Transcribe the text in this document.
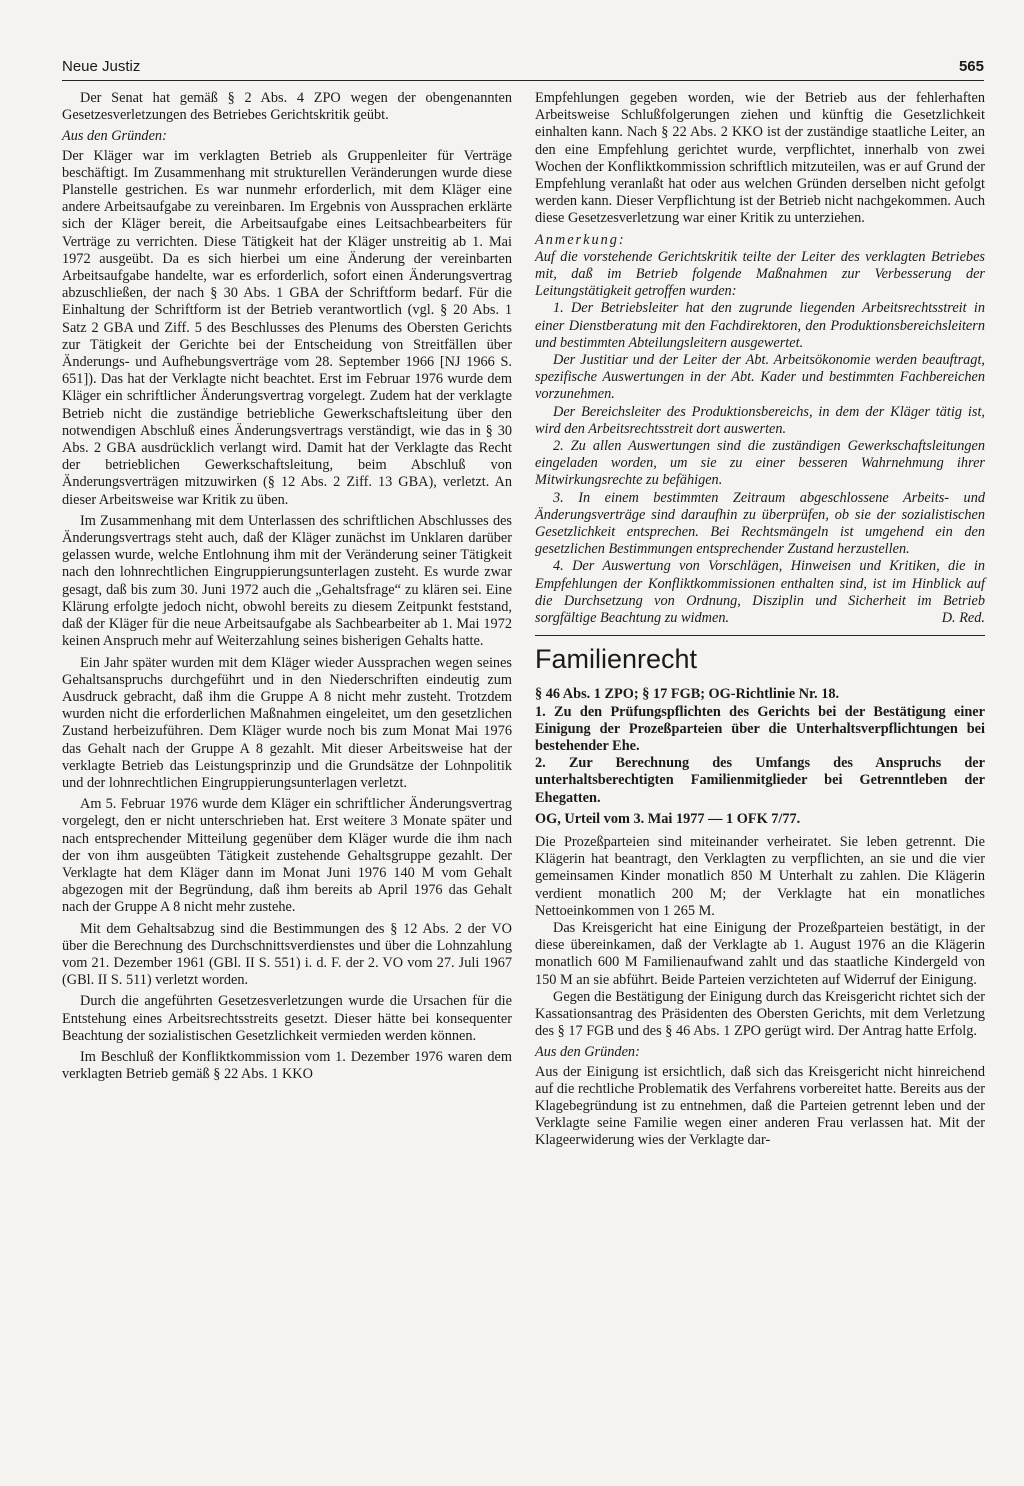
Neue Justiz	565

Der Senat hat gemäß § 2 Abs. 4 ZPO wegen der obengenannten Gesetzesverletzungen des Betriebes Gerichtskritik geübt.

Aus den Gründen:

Der Kläger war im verklagten Betrieb als Gruppenleiter für Verträge beschäftigt. Im Zusammenhang mit strukturellen Veränderungen wurde diese Planstelle gestrichen. Es war nunmehr erforderlich, mit dem Kläger eine andere Arbeitsaufgabe zu vereinbaren. Im Ergebnis von Aussprachen erklärte sich der Kläger bereit, die Arbeitsaufgabe eines Leitsachbearbeiters für Verträge zu verrichten. Diese Tätigkeit hat der Kläger unstreitig ab 1. Mai 1972 ausgeübt. Da es sich hierbei um eine Änderung der vereinbarten Arbeitsaufgabe handelte, war es erforderlich, sofort einen Änderungsvertrag abzuschließen, der nach § 30 Abs. 1 GBA der Schriftform bedarf. Für die Einhaltung der Schriftform ist der Betrieb verantwortlich (vgl. § 20 Abs. 1 Satz 2 GBA und Ziff. 5 des Beschlusses des Plenums des Obersten Gerichts zur Tätigkeit der Gerichte bei der Entscheidung von Streitfällen über Änderungs- und Aufhebungsverträge vom 28. September 1966 [NJ 1966 S. 651]). Das hat der Verklagte nicht beachtet. Erst im Februar 1976 wurde dem Kläger ein schriftlicher Änderungsvertrag vorgelegt. Zudem hat der verklagte Betrieb nicht die zuständige betriebliche Gewerkschaftsleitung über den notwendigen Abschluß eines Änderungsvertrags verständigt, wie das in § 30 Abs. 2 GBA ausdrücklich verlangt wird. Damit hat der Verklagte das Recht der betrieblichen Gewerkschaftsleitung, beim Abschluß von Änderungsverträgen mitzuwirken (§ 12 Abs. 2 Ziff. 13 GBA), verletzt. An dieser Arbeitsweise war Kritik zu üben.

Im Zusammenhang mit dem Unterlassen des schriftlichen Abschlusses des Änderungsvertrags steht auch, daß der Kläger zunächst im Unklaren darüber gelassen wurde, welche Entlohnung ihm mit der Veränderung seiner Tätigkeit nach den lohnrechtlichen Eingruppierungsunterlagen zusteht. Es wurde zwar gesagt, daß bis zum 30. Juni 1972 auch die „Gehaltsfrage“ zu klären sei. Eine Klärung erfolgte jedoch nicht, obwohl bereits zu diesem Zeitpunkt feststand, daß der Kläger für die neue Arbeitsaufgabe als Sachbearbeiter ab 1. Mai 1972 keinen Anspruch mehr auf Weiterzahlung seines bisherigen Gehalts hatte.

Ein Jahr später wurden mit dem Kläger wieder Aussprachen wegen seines Gehaltsanspruchs durchgeführt und in den Niederschriften eindeutig zum Ausdruck gebracht, daß ihm die Gruppe A 8 nicht mehr zusteht. Trotzdem wurden nicht die erforderlichen Maßnahmen eingeleitet, um den gesetzlichen Zustand herbeizuführen. Dem Kläger wurde noch bis zum Monat Mai 1976 das Gehalt nach der Gruppe A 8 gezahlt. Mit dieser Arbeitsweise hat der verklagte Betrieb das Leistungsprinzip und die Grundsätze der Lohnpolitik und der lohnrechtlichen Eingruppierungsunterlagen verletzt.

Am 5. Februar 1976 wurde dem Kläger ein schriftlicher Änderungsvertrag vorgelegt, den er nicht unterschrieben hat. Erst weitere 3 Monate später und nach entsprechender Mitteilung gegenüber dem Kläger wurde die ihm nach der von ihm ausgeübten Tätigkeit zustehende Gehaltsgruppe gezahlt. Der Verklagte hat dem Kläger dann im Monat Juni 1976 140 M vom Gehalt abgezogen mit der Begründung, daß ihm bereits ab April 1976 das Gehalt nach der Gruppe A 8 nicht mehr zustehe.

Mit dem Gehaltsabzug sind die Bestimmungen des § 12 Abs. 2 der VO über die Berechnung des Durchschnittsverdienstes und über die Lohnzahlung vom 21. Dezember 1961 (GBl. II S. 551) i. d. F. der 2. VO vom 27. Juli 1967 (GBl. II S. 511) verletzt worden.

Durch die angeführten Gesetzesverletzungen wurde die Ursachen für die Entstehung eines Arbeitsrechtsstreits gesetzt. Dieser hätte bei konsequenter Beachtung der sozialistischen Gesetzlichkeit vermieden werden können.

Im Beschluß der Konfliktkommission vom 1. Dezember 1976 waren dem verklagten Betrieb gemäß § 22 Abs. 1 KKO

Empfehlungen gegeben worden, wie der Betrieb aus der fehlerhaften Arbeitsweise Schlußfolgerungen ziehen und künftig die Gesetzlichkeit einhalten kann. Nach § 22 Abs. 2 KKO ist der zuständige staatliche Leiter, an den eine Empfehlung gerichtet wurde, verpflichtet, innerhalb von zwei Wochen der Konfliktkommission schriftlich mitzuteilen, was er auf Grund der Empfehlung veranlaßt hat oder aus welchen Gründen derselben nicht gefolgt werden kann. Dieser Verpflichtung ist der Betrieb nicht nachgekommen. Auch diese Gesetzesverletzung war einer Kritik zu unterziehen.

Anmerkung:

Auf die vorstehende Gerichtskritik teilte der Leiter des verklagten Betriebes mit, daß im Betrieb folgende Maßnahmen zur Verbesserung der Leitungstätigkeit getroffen wurden:

1. Der Betriebsleiter hat den zugrunde liegenden Arbeitsrechtsstreit in einer Dienstberatung mit den Fachdirektoren, den Produktionsbereichsleitern und bestimmten Abteilungsleitern ausgewertet.

Der Justitiar und der Leiter der Abt. Arbeitsökonomie werden beauftragt, spezifische Auswertungen in der Abt. Kader und bestimmten Fachbereichen vorzunehmen.

Der Bereichsleiter des Produktionsbereichs, in dem der Kläger tätig ist, wird den Arbeitsrechtsstreit dort auswerten.

2. Zu allen Auswertungen sind die zuständigen Gewerkschaftsleitungen eingeladen worden, um sie zu einer besseren Wahrnehmung ihrer Mitwirkungsrechte zu befähigen.

3. In einem bestimmten Zeitraum abgeschlossene Arbeits- und Änderungsverträge sind daraufhin zu überprüfen, ob sie der sozialistischen Gesetzlichkeit entsprechen. Bei Rechtsmängeln ist umgehend ein den gesetzlichen Bestimmungen entsprechender Zustand herzustellen.

4. Der Auswertung von Vorschlägen, Hinweisen und Kritiken, die in Empfehlungen der Konfliktkommissionen enthalten sind, ist im Hinblick auf die Durchsetzung von Ordnung, Disziplin und Sicherheit im Betrieb sorgfältige Beachtung zu widmen.	D. Red.

Familienrecht

§ 46 Abs. 1 ZPO; § 17 FGB; OG-Richtlinie Nr. 18.

1. Zu den Prüfungspflichten des Gerichts bei der Bestätigung einer Einigung der Prozeßparteien über die Unterhaltsverpflichtungen bei bestehender Ehe.

2. Zur Berechnung des Umfangs des Anspruchs der unterhaltsberechtigten Familienmitglieder bei Getrenntleben der Ehegatten.

OG, Urteil vom 3. Mai 1977 — 1 OFK 7/77.

Die Prozeßparteien sind miteinander verheiratet. Sie leben getrennt. Die Klägerin hat beantragt, den Verklagten zu verpflichten, an sie und die vier gemeinsamen Kinder monatlich 850 M Unterhalt zu zahlen. Die Klägerin verdient monatlich 200 M; der Verklagte hat ein monatliches Nettoeinkommen von 1 265 M.

Das Kreisgericht hat eine Einigung der Prozeßparteien bestätigt, in der diese übereinkamen, daß der Verklagte ab 1. August 1976 an die Klägerin monatlich 600 M Familienaufwand zahlt und das staatliche Kindergeld von 150 M an sie abführt. Beide Parteien verzichteten auf Widerruf der Einigung.

Gegen die Bestätigung der Einigung durch das Kreisgericht richtet sich der Kassationsantrag des Präsidenten des Obersten Gerichts, mit dem Verletzung des § 17 FGB und des § 46 Abs. 1 ZPO gerügt wird. Der Antrag hatte Erfolg.

Aus den Gründen:

Aus der Einigung ist ersichtlich, daß sich das Kreisgericht nicht hinreichend auf die rechtliche Problematik des Verfahrens vorbereitet hatte. Bereits aus der Klagebegründung ist zu entnehmen, daß die Parteien getrennt leben und der Verklagte seine Familie wegen einer anderen Frau verlassen hat. Mit der Klageerwiderung wies der Verklagte dar-
